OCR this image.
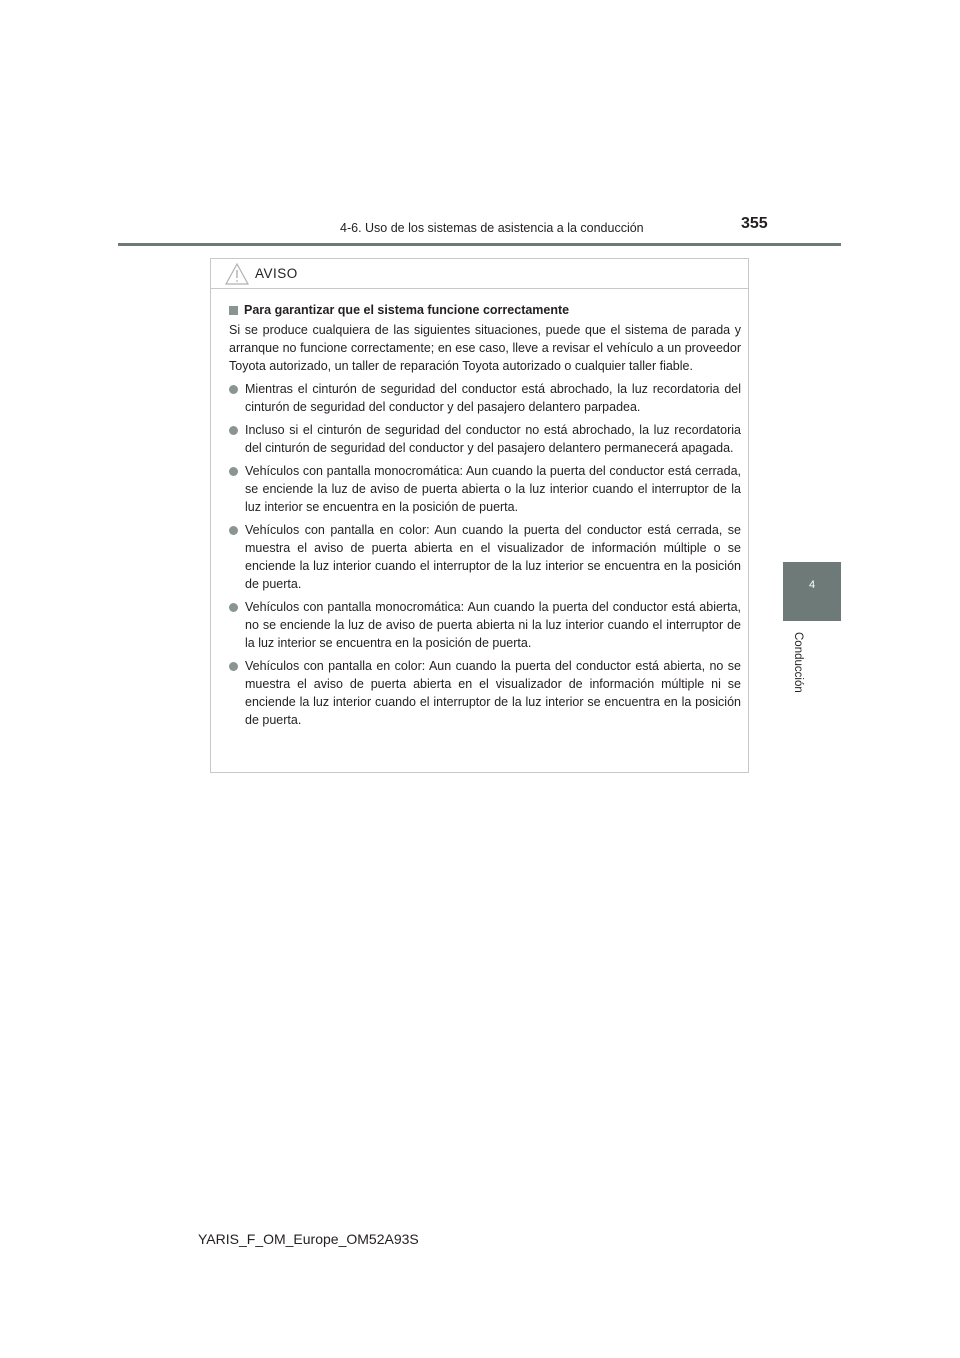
4-6. Uso de los sistemas de asistencia a la conducción	355
4
Conducción
AVISO
Para garantizar que el sistema funcione correctamente

Si se produce cualquiera de las siguientes situaciones, puede que el sistema de parada y arranque no funcione correctamente; en ese caso, lleve a revisar el vehículo a un proveedor Toyota autorizado, un taller de reparación Toyota autorizado o cualquier taller fiable.

Mientras el cinturón de seguridad del conductor está abrochado, la luz recordatoria del cinturón de seguridad del conductor y del pasajero delantero parpadea.
Incluso si el cinturón de seguridad del conductor no está abrochado, la luz recordatoria del cinturón de seguridad del conductor y del pasajero delantero permanecerá apagada.
Vehículos con pantalla monocromática: Aun cuando la puerta del conductor está cerrada, se enciende la luz de aviso de puerta abierta o la luz interior cuando el interruptor de la luz interior se encuentra en la posición de puerta.
Vehículos con pantalla en color: Aun cuando la puerta del conductor está cerrada, se muestra el aviso de puerta abierta en el visualizador de información múltiple o se enciende la luz interior cuando el interruptor de la luz interior se encuentra en la posición de puerta.
Vehículos con pantalla monocromática: Aun cuando la puerta del conductor está abierta, no se enciende la luz de aviso de puerta abierta ni la luz interior cuando el interruptor de la luz interior se encuentra en la posición de puerta.
Vehículos con pantalla en color: Aun cuando la puerta del conductor está abierta, no se muestra el aviso de puerta abierta en el visualizador de información múltiple ni se enciende la luz interior cuando el interruptor de la luz interior se encuentra en la posición de puerta.
YARIS_F_OM_Europe_OM52A93S
